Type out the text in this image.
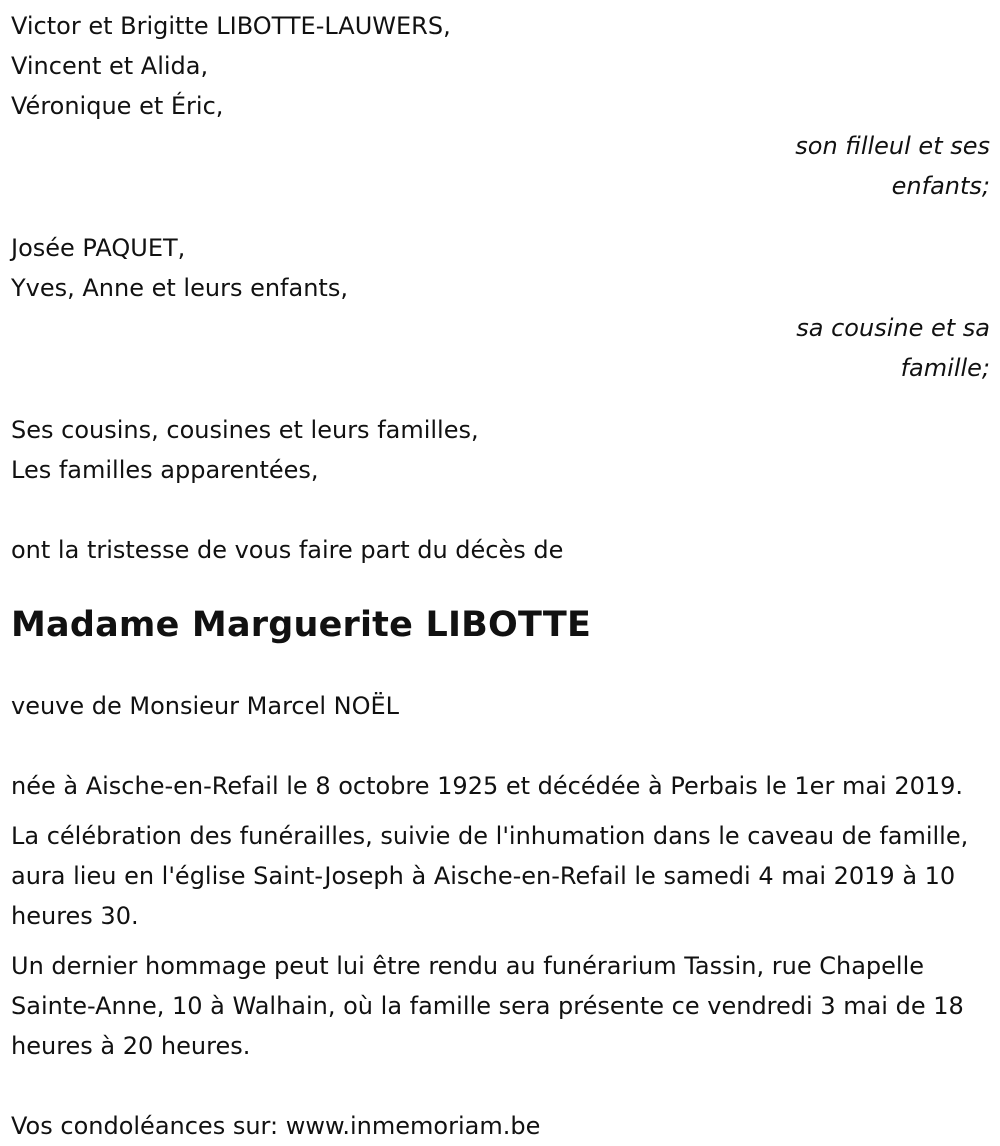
Victor et Brigitte LIBOTTE-LAUWERS,
Vincent et Alida,
Véronique et Éric,
son filleul et ses
enfants;
Josée PAQUET,
Yves, Anne et leurs enfants,
sa cousine et sa
famille;
Ses cousins, cousines et leurs familles,
Les familles apparentées,
ont la tristesse de vous faire part du décès de
Madame Marguerite LIBOTTE
veuve de Monsieur Marcel NOËL

née à Aische-en-Refail le 8 octobre 1925 et décédée à Perbais le 1er mai 2019.

La célébration des funérailles, suivie de l'inhumation dans le caveau de famille, aura lieu en l'église Saint-Joseph à Aische-en-Refail le samedi 4 mai 2019 à 10 heures 30.

Un dernier hommage peut lui être rendu au funérarium Tassin, rue Chapelle Sainte-Anne, 10 à Walhain, où la famille sera présente ce vendredi 3 mai de 18 heures à 20 heures.

Vos condoléances sur: www.inmemoriam.be
